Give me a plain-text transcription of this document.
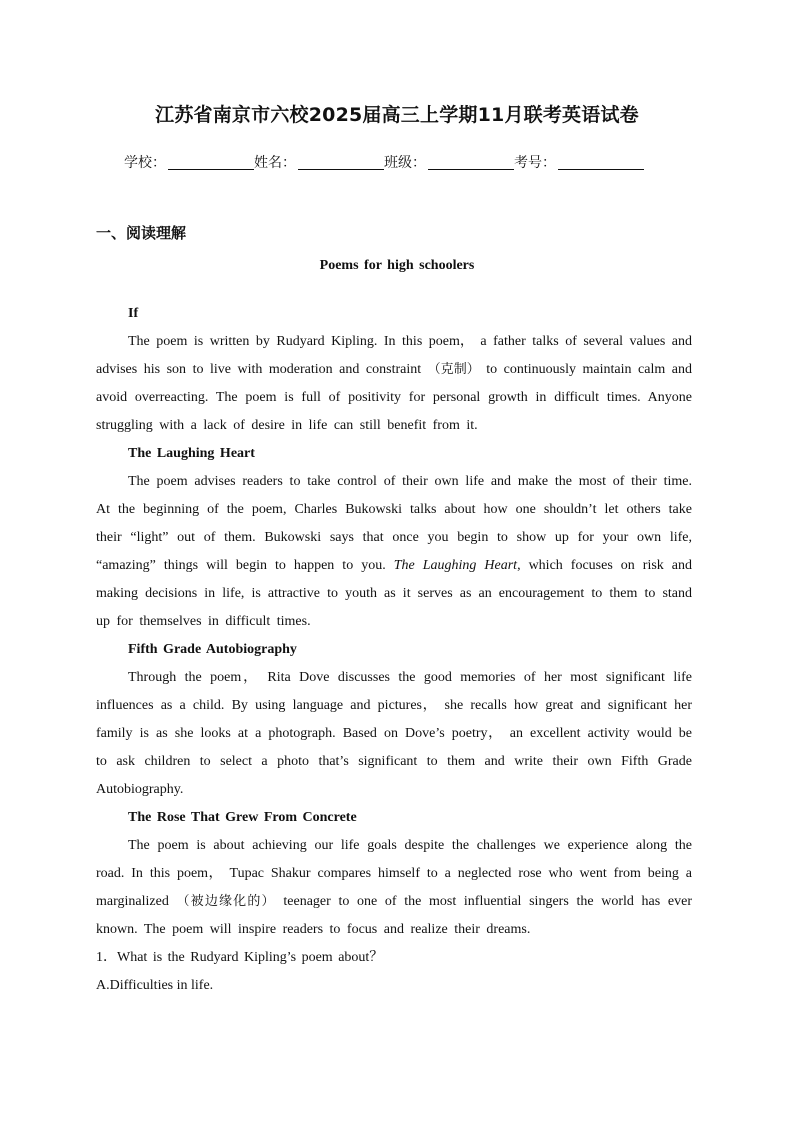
江苏省南京市六校2025届高三上学期11月联考英语试卷
学校：	姓名：	班级：	考号：
一、阅读理解
Poems for high schoolers

If

The poem is written by Rudyard Kipling. In this poem， a father talks of several values and advises his son to live with moderation and constraint （克制） to continuously maintain calm and avoid overreacting. The poem is full of positivity for personal growth in difficult times. Anyone struggling with a lack of desire in life can still benefit from it.

The Laughing Heart

The poem advises readers to take control of their own life and make the most of their time. At the beginning of the poem, Charles Bukowski talks about how one shouldn’t let others take their “light” out of them. Bukowski says that once you begin to show up for your own life, “amazing” things will begin to happen to you. The Laughing Heart, which focuses on risk and making decisions in life, is attractive to youth as it serves as an encouragement to them to stand up for themselves in difficult times.

Fifth Grade Autobiography

Through the poem， Rita Dove discusses the good memories of her most significant life influences as a child. By using language and pictures， she recalls how great and significant her family is as she looks at a photograph. Based on Dove’s poetry， an excellent activity would be to ask children to select a photo that’s significant to them and write their own Fifth Grade Autobiography.

The Rose That Grew From Concrete

The poem is about achieving our life goals despite the challenges we experience along the road. In this poem， Tupac Shakur compares himself to a neglected rose who went from being a marginalized （被边缘化的） teenager to one of the most influential singers the world has ever known. The poem will inspire readers to focus and realize their dreams.

1．What is the Rudyard Kipling’s poem about？

A.Difficulties in life.
